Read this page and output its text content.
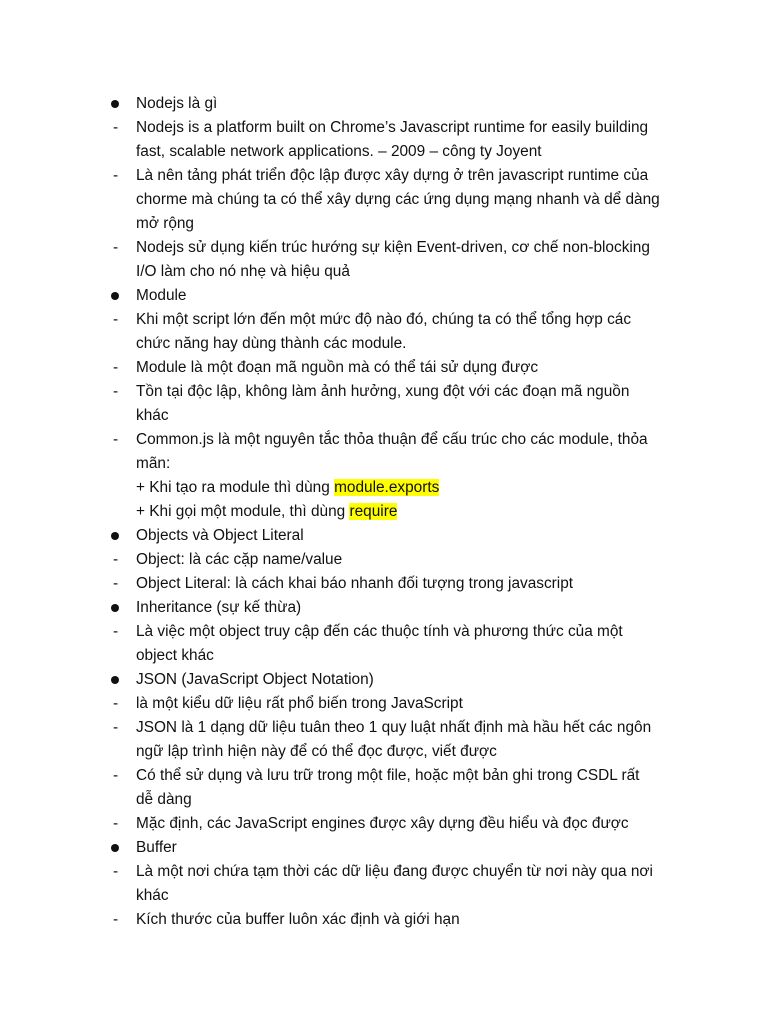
Nodejs là gì
- Nodejs is a platform built on Chrome’s Javascript runtime for easily building
fast, scalable network applications. – 2009 – công ty Joyent
- Là nên tảng phát triển độc lập được xây dựng ở trên javascript runtime của
chorme mà chúng ta có thể xây dựng các ứng dụng mạng nhanh và dể dàng
mở rộng
- Nodejs sử dụng kiến trúc hướng sự kiện Event-driven, cơ chế non-blocking
I/O làm cho nó nhẹ và hiệu quả
Module
- Khi một script lớn đến một mức độ nào đó, chúng ta có thể tổng hợp các
chức năng hay dùng thành các module.
- Module là một đoạn mã nguồn mà có thể tái sử dụng được
- Tồn tại độc lập, không làm ảnh hưởng, xung đột với các đoạn mã nguồn
khác
- Common.js là một nguyên tắc thỏa thuận để cấu trúc cho các module, thỏa
mãn:
+ Khi tạo ra module thì dùng module.exports
+ Khi gọi một module, thì dùng require
Objects và Object Literal
- Object: là các cặp name/value
- Object Literal: là cách khai báo nhanh đối tượng trong javascript
Inheritance (sự kế thừa)
- Là việc một object truy cập đến các thuộc tính và phương thức của một
object khác
JSON (JavaScript Object Notation)
- là một kiểu dữ liệu rất phổ biến trong JavaScript
- JSON là 1 dạng dữ liệu tuân theo 1 quy luật nhất định mà hầu hết các ngôn
ngữ lập trình hiện này để có thể đọc được, viết được
- Có thể sử dụng và lưu trữ trong một file, hoặc một bản ghi trong CSDL rất
dễ dàng
- Mặc định, các JavaScript engines được xây dựng đều hiểu và đọc được
Buffer
- Là một nơi chứa tạm thời các dữ liệu đang được chuyển từ nơi này qua nơi
khác
- Kích thước của buffer luôn xác định và giới hạn
